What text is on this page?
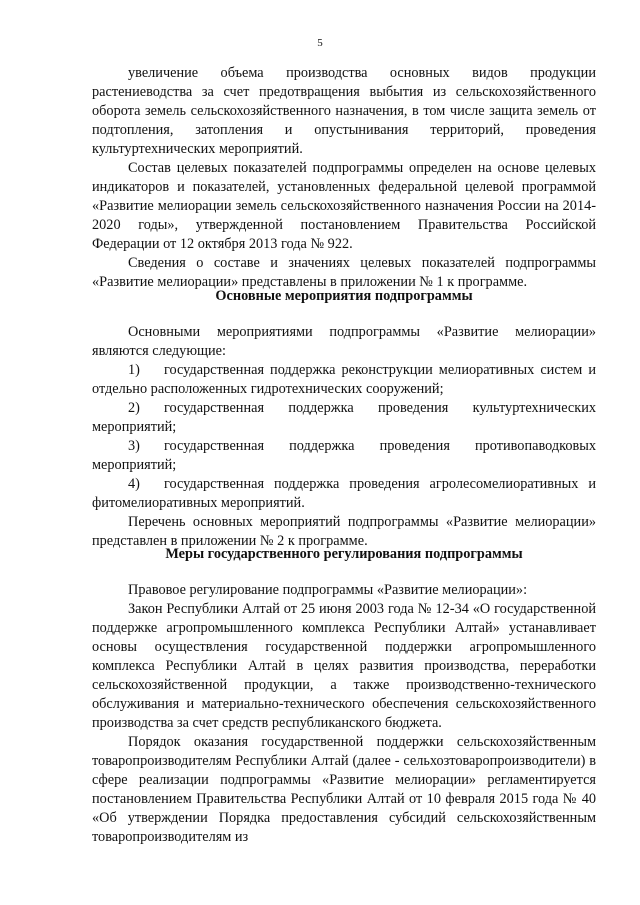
5

увеличение объема производства основных видов продукции растениеводства за счет предотвращения выбытия из сельскохозяйственного оборота земель сельскохозяйственного назначения, в том числе защита земель от подтопления, затопления и опустынивания территорий, проведения культуртехнических мероприятий.

Состав целевых показателей подпрограммы определен на основе целевых индикаторов и показателей, установленных федеральной целевой программой «Развитие мелиорации земель сельскохозяйственного назначения России на 2014-2020 годы», утвержденной постановлением Правительства Российской Федерации от 12 октября 2013 года № 922.

Сведения о составе и значениях целевых показателей подпрограммы «Развитие мелиорации» представлены в приложении № 1 к программе.

Основные мероприятия подпрограммы

Основными мероприятиями подпрограммы «Развитие мелиорации» являются следующие:

1) государственная поддержка реконструкции мелиоративных систем и отдельно расположенных гидротехнических сооружений;

2) государственная поддержка проведения культуртехнических мероприятий;

3) государственная поддержка проведения противопаводковых мероприятий;

4) государственная поддержка проведения агролесомелиоративных и фитомелиоративных мероприятий.

Перечень основных мероприятий подпрограммы «Развитие мелиорации» представлен в приложении № 2 к программе.

Меры государственного регулирования подпрограммы

Правовое регулирование подпрограммы «Развитие мелиорации»:

Закон Республики Алтай от 25 июня 2003 года № 12-34 «О государственной поддержке агропромышленного комплекса Республики Алтай» устанавливает основы осуществления государственной поддержки агропромышленного комплекса Республики Алтай в целях развития производства, переработки сельскохозяйственной продукции, а также производственно-технического обслуживания и материально-технического обеспечения сельскохозяйственного производства за счет средств республиканского бюджета.

Порядок оказания государственной поддержки сельскохозяйственным товаропроизводителям Республики Алтай (далее - сельхозтоваропроизводители) в сфере реализации подпрограммы «Развитие мелиорации» регламентируется постановлением Правительства Республики Алтай от 10 февраля 2015 года № 40 «Об утверждении Порядка предоставления субсидий сельскохозяйственным товаропроизводителям из
